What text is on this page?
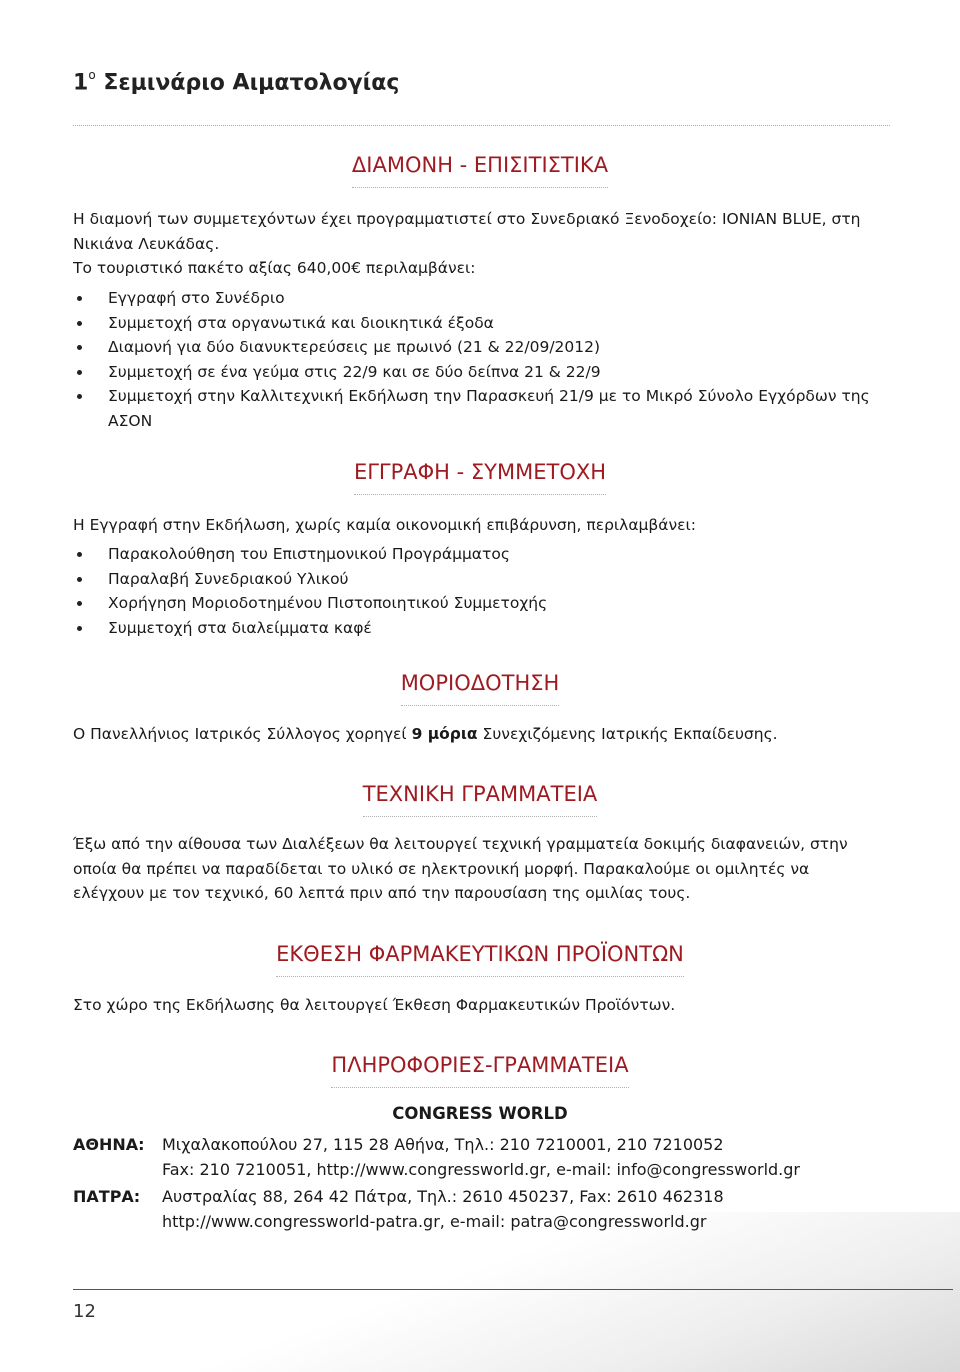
$1^o$ Σεμινάριο Αιματολογίας
ΔΙΑΜΟΝΗ - ΕΠΙΣΙΤΙΣΤΙΚΑ
Η διαμονή των συμμετεχόντων έχει προγραμματιστεί στο Συνεδριακό Ξενοδοχείο: IONIAN BLUE, στη Νικιάνα Λευκάδας.
Το τουριστικό πακέτο αξίας 640,00€ περιλαμβάνει:
Εγγραφή στο Συνέδριο
Συμμετοχή στα οργανωτικά και διοικητικά έξοδα
Διαμονή για δύο διανυκτερεύσεις με πρωινό (21 & 22/09/2012)
Συμμετοχή σε ένα γεύμα στις 22/9 και σε δύο δείπνα 21 & 22/9
Συμμετοχή στην Καλλιτεχνική Εκδήλωση την Παρασκευή 21/9 με το Μικρό Σύνολο Εγχόρδων της ΑΣΟΝ
ΕΓΓΡΑΦΗ - ΣΥΜΜΕΤΟΧΗ
Η Εγγραφή στην Εκδήλωση, χωρίς καμία οικονομική επιβάρυνση, περιλαμβάνει:
Παρακολούθηση του Επιστημονικού Προγράμματος
Παραλαβή Συνεδριακού Υλικού
Χορήγηση Μοριοδοτημένου Πιστοποιητικού Συμμετοχής
Συμμετοχή στα διαλείμματα καφέ
ΜΟΡΙΟΔΟΤΗΣΗ
Ο Πανελλήνιος Ιατρικός Σύλλογος χορηγεί 9 μόρια Συνεχιζόμενης Ιατρικής Εκπαίδευσης.
ΤΕΧΝΙΚΗ ΓΡΑΜΜΑΤΕΙΑ
Έξω από την αίθουσα των Διαλέξεων θα λειτουργεί τεχνική γραμματεία δοκιμής διαφανειών, στην οποία θα πρέπει να παραδίδεται το υλικό σε ηλεκτρονική μορφή. Παρακαλούμε οι ομιλητές να ελέγχουν με τον τεχνικό, 60 λεπτά πριν από την παρουσίαση της ομιλίας τους.
ΕΚΘΕΣΗ ΦΑΡΜΑΚΕΥΤΙΚΩΝ ΠΡΟΪΟΝΤΩΝ
Στο χώρο της Εκδήλωσης θα λειτουργεί Έκθεση Φαρμακευτικών Προϊόντων.
ΠΛΗΡΟΦΟΡΙΕΣ-ΓΡΑΜΜΑΤΕΙΑ
CONGRESS WORLD
ΑΘΗΝΑ: Μιχαλακοπούλου 27, 115 28 Αθήνα, Τηλ.: 210 7210001, 210 7210052
Fax: 210 7210051, http://www.congressworld.gr, e-mail: info@congressworld.gr
ΠΑΤΡΑ: Αυστραλίας 88, 264 42 Πάτρα, Τηλ.: 2610 450237, Fax: 2610 462318
http://www.congressworld-patra.gr, e-mail: patra@congressworld.gr
12
